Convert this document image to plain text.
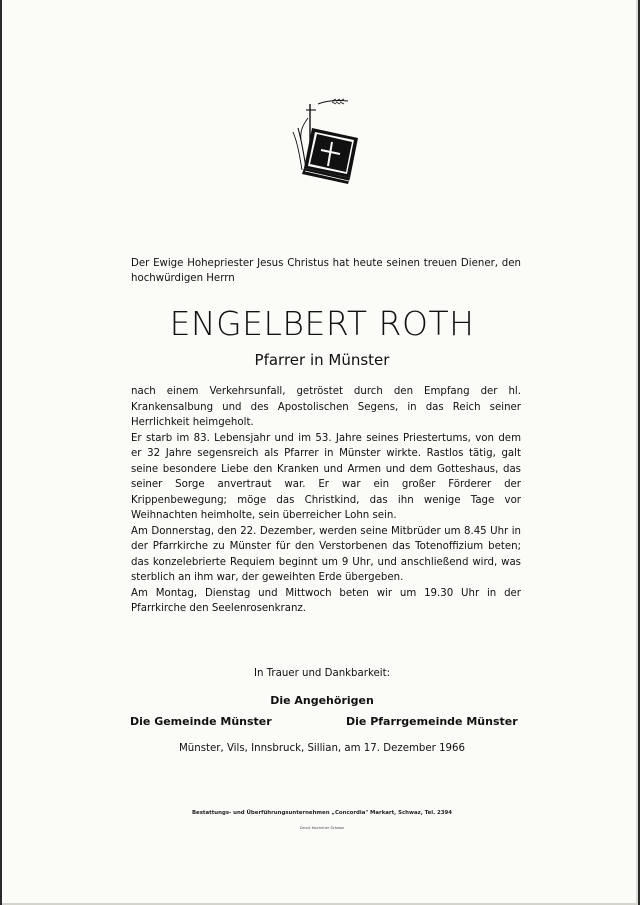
Der Ewige Hohepriester Jesus Christus hat heute seinen treuen Diener, den hochwürdigen Herrn
ENGELBERT ROTH
Pfarrer in Münster

nach einem Verkehrsunfall, getröstet durch den Empfang der hl. Krankensalbung und des Apostolischen Segens, in das Reich seiner Herrlichkeit heimgeholt.

Er starb im 83. Lebensjahr und im 53. Jahre seines Priestertums, von dem er 32 Jahre segensreich als Pfarrer in Münster wirkte. Rastlos tätig, galt seine besondere Liebe den Kranken und Armen und dem Gotteshaus, das seiner Sorge anvertraut war. Er war ein großer Förderer der Krippenbewegung; möge das Christkind, das ihn wenige Tage vor Weihnachten heimholte, sein überreicher Lohn sein.

Am Donnerstag, den 22. Dezember, werden seine Mitbrüder um 8.45 Uhr in der Pfarrkirche zu Münster für den Verstorbenen das Totenoffizium beten; das konzelebrierte Requiem beginnt um 9 Uhr, und anschließend wird, was sterblich an ihm war, der geweihten Erde übergeben.

Am Montag, Dienstag und Mittwoch beten wir um 19.30 Uhr in der Pfarrkirche den Seelenrosenkranz.

In Trauer und Dankbarkeit:
Die Angehörigen
Die Gemeinde Münster	Die Pfarrgemeinde Münster
Münster, Vils, Innsbruck, Sillian, am 17. Dezember 1966
Bestattungs- und Überführungsunternehmen „Concordia" Markart, Schwaz, Tel. 2394
Druck Hochriner Schwaz
